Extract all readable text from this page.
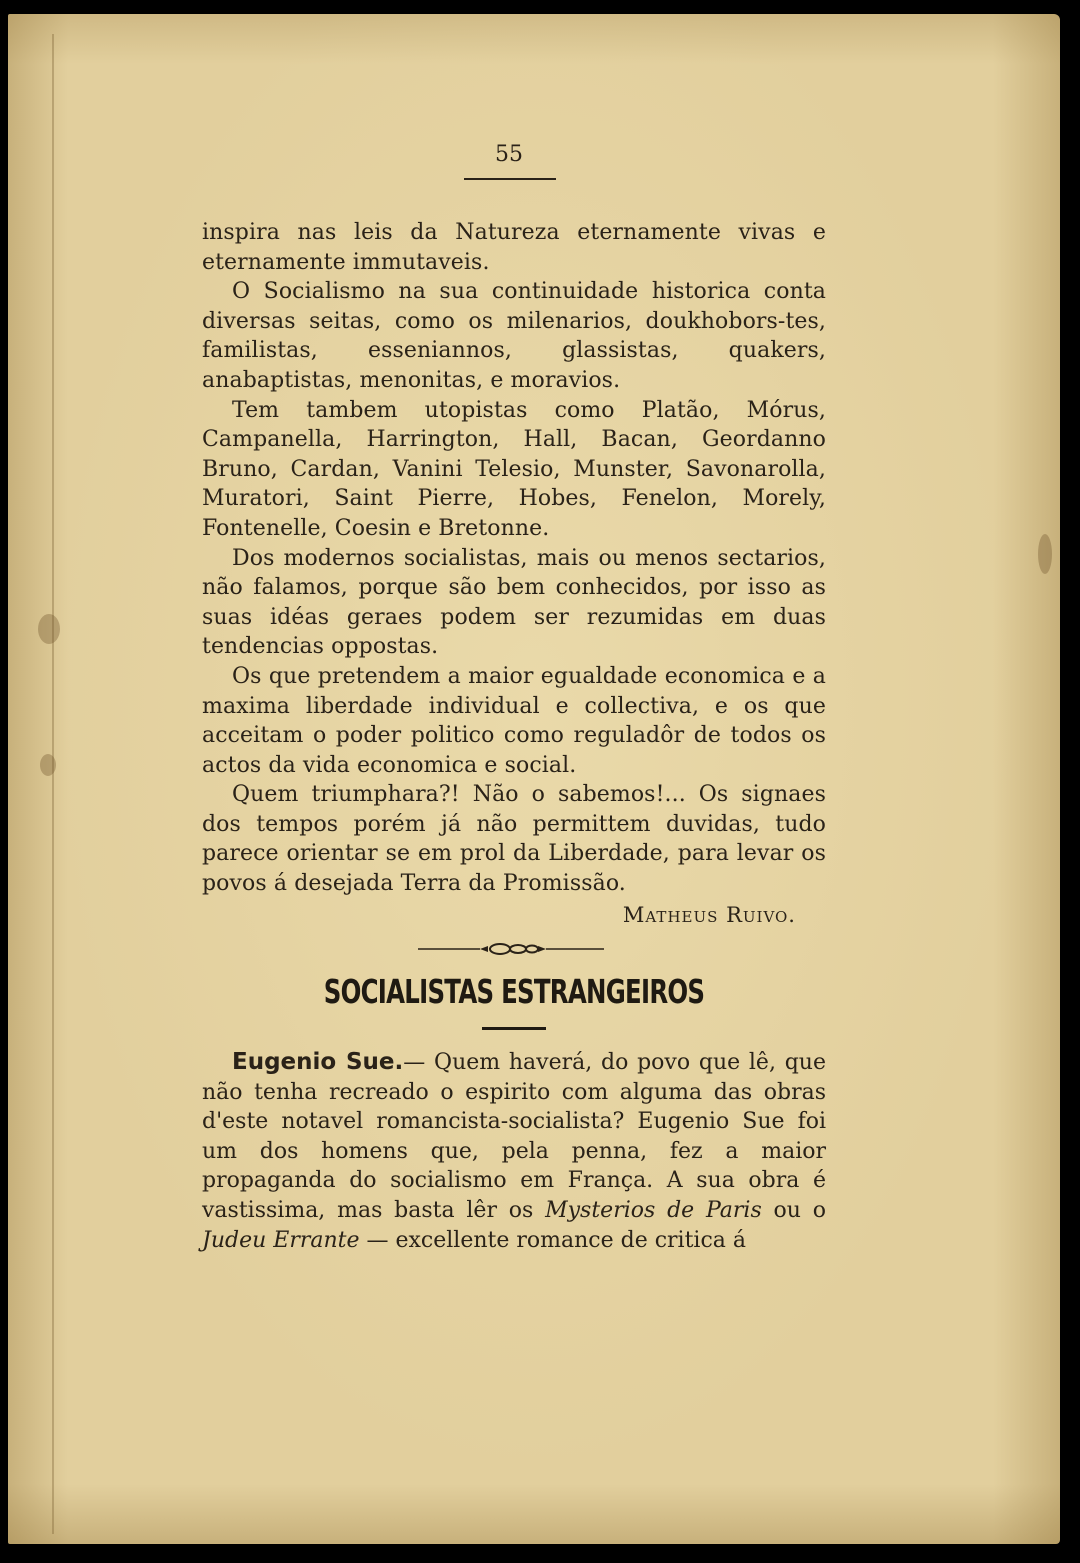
55

inspira nas leis da Natureza eternamente vivas e eternamente immutaveis.

O Socialismo na sua continuidade historica conta diversas seitas, como os milenarios, doukhobors-tes, familistas, esseniannos, glassistas, quakers, anabaptistas, menonitas, e moravios.

Tem tambem utopistas como Platão, Mórus, Campanella, Harrington, Hall, Bacan, Geordanno Bruno, Cardan, Vanini Telesio, Munster, Savonarolla, Muratori, Saint Pierre, Hobes, Fenelon, Morely, Fontenelle, Coesin e Bretonne.

Dos modernos socialistas, mais ou menos sectarios, não falamos, porque são bem conhecidos, por isso as suas idéas geraes podem ser rezumidas em duas tendencias oppostas.

Os que pretendem a maior egualdade economica e a maxima liberdade individual e collectiva, e os que acceitam o poder politico como reguladôr de todos os actos da vida economica e social.

Quem triumphara?! Não o sabemos!... Os signaes dos tempos porém já não permittem duvidas, tudo parece orientar se em prol da Liberdade, para levar os povos á desejada Terra da Promissão.

Matheus Ruivo.

SOCIALISTAS ESTRANGEIROS

Eugenio Sue.— Quem haverá, do povo que lê, que não tenha recreado o espirito com alguma das obras d'este notavel romancista-socialista? Eugenio Sue foi um dos homens que, pela penna, fez a maior propaganda do socialismo em França. A sua obra é vastissima, mas basta lêr os Mysterios de Paris ou o Judeu Errante — excellente romance de critica á
